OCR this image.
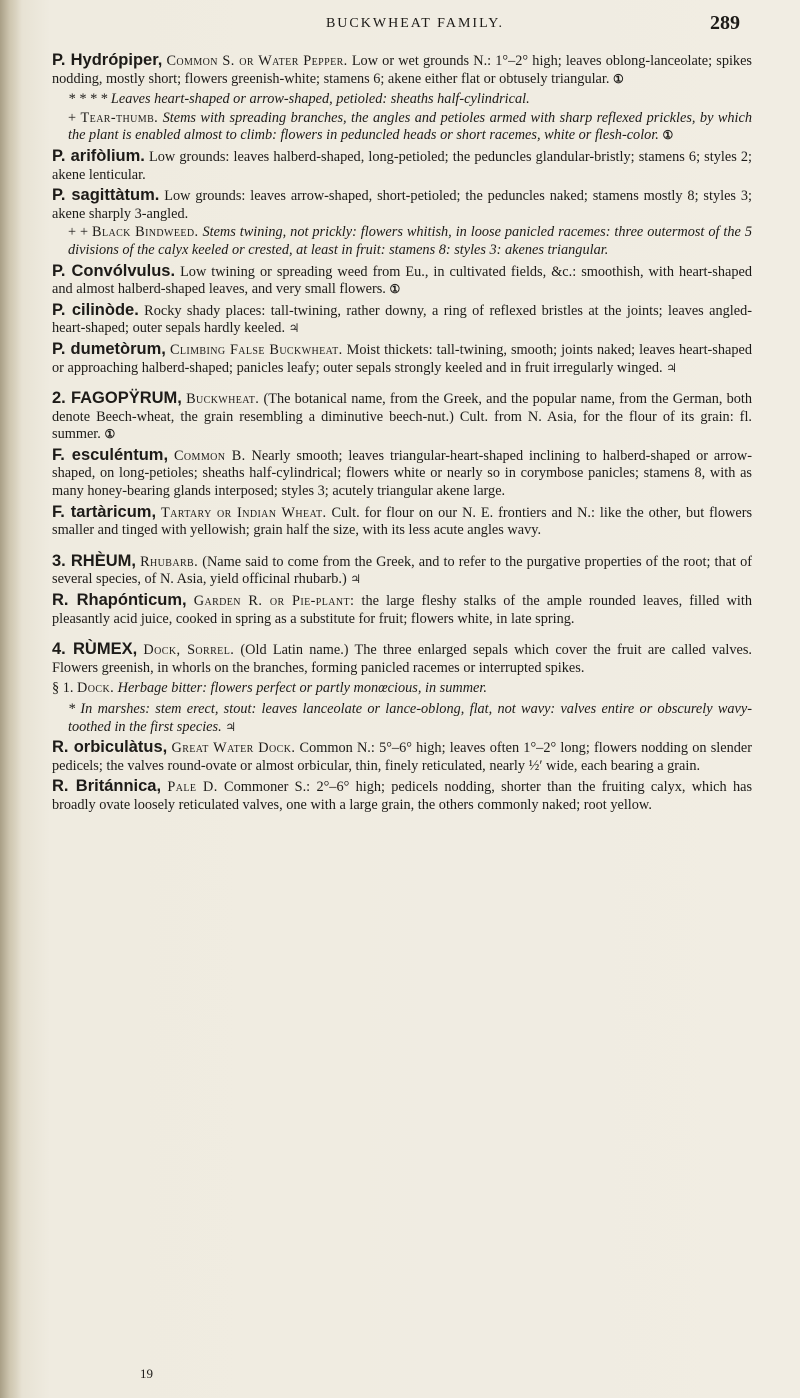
BUCKWHEAT FAMILY.	289

P. Hydrópiper, Common S. or Water Pepper. Low or wet grounds N.: 1°–2° high; leaves oblong-lanceolate; spikes nodding, mostly short; flowers greenish-white; stamens 6; akene either flat or obtusely triangular. ①

* * * * Leaves heart-shaped or arrow-shaped, petioled: sheaths half-cylindrical.

+ Tear-thumb. Stems with spreading branches, the angles and petioles armed with sharp reflexed prickles, by which the plant is enabled almost to climb: flowers in peduncled heads or short racemes, white or flesh-color. ①

P. arifòlium. Low grounds: leaves halberd-shaped, long-petioled; the peduncles glandular-bristly; stamens 6; styles 2; akene lenticular.

P. sagittàtum. Low grounds: leaves arrow-shaped, short-petioled; the peduncles naked; stamens mostly 8; styles 3; akene sharply 3-angled.

+ + Black Bindweed. Stems twining, not prickly: flowers whitish, in loose panicled racemes: three outermost of the 5 divisions of the calyx keeled or crested, at least in fruit: stamens 8: styles 3: akenes triangular.

P. Convólvulus. Low twining or spreading weed from Eu., in cultivated fields, &c.: smoothish, with heart-shaped and almost halberd-shaped leaves, and very small flowers. ①

P. cilinòde. Rocky shady places: tall-twining, rather downy, a ring of reflexed bristles at the joints; leaves angled-heart-shaped; outer sepals hardly keeled. ♃

P. dumetòrum, Climbing False Buckwheat. Moist thickets: tall-twining, smooth; joints naked; leaves heart-shaped or approaching halberd-shaped; panicles leafy; outer sepals strongly keeled and in fruit irregularly winged. ♃

2. FAGOPŸRUM, Buckwheat. (The botanical name, from the Greek, and the popular name, from the German, both denote Beech-wheat, the grain resembling a diminutive beech-nut.) Cult. from N. Asia, for the flour of its grain: fl. summer. ①

F. esculéntum, Common B. Nearly smooth; leaves triangular-heart-shaped inclining to halberd-shaped or arrow-shaped, on long-petioles; sheaths half-cylindrical; flowers white or nearly so in corymbose panicles; stamens 8, with as many honey-bearing glands interposed; styles 3; acutely triangular akene large.

F. tartàricum, Tartary or Indian Wheat. Cult. for flour on our N. E. frontiers and N.: like the other, but flowers smaller and tinged with yellowish; grain half the size, with its less acute angles wavy.

3. RHÈUM, Rhubarb. (Name said to come from the Greek, and to refer to the purgative properties of the root; that of several species, of N. Asia, yield officinal rhubarb.) ♃

R. Rhapónticum, Garden R. or Pie-plant: the large fleshy stalks of the ample rounded leaves, filled with pleasantly acid juice, cooked in spring as a substitute for fruit; flowers white, in late spring.

4. RÙMEX, Dock, Sorrel. (Old Latin name.) The three enlarged sepals which cover the fruit are called valves. Flowers greenish, in whorls on the branches, forming panicled racemes or interrupted spikes.

§ 1. Dock. Herbage bitter: flowers perfect or partly monœcious, in summer.

* In marshes: stem erect, stout: leaves lanceolate or lance-oblong, flat, not wavy: valves entire or obscurely wavy-toothed in the first species. ♃

R. orbiculàtus, Great Water Dock. Common N.: 5°–6° high; leaves often 1°–2° long; flowers nodding on slender pedicels; the valves round-ovate or almost orbicular, thin, finely reticulated, nearly ½′ wide, each bearing a grain.

R. Británnica, Pale D. Commoner S.: 2°–6° high; pedicels nodding, shorter than the fruiting calyx, which has broadly ovate loosely reticulated valves, one with a large grain, the others commonly naked; root yellow.

19
